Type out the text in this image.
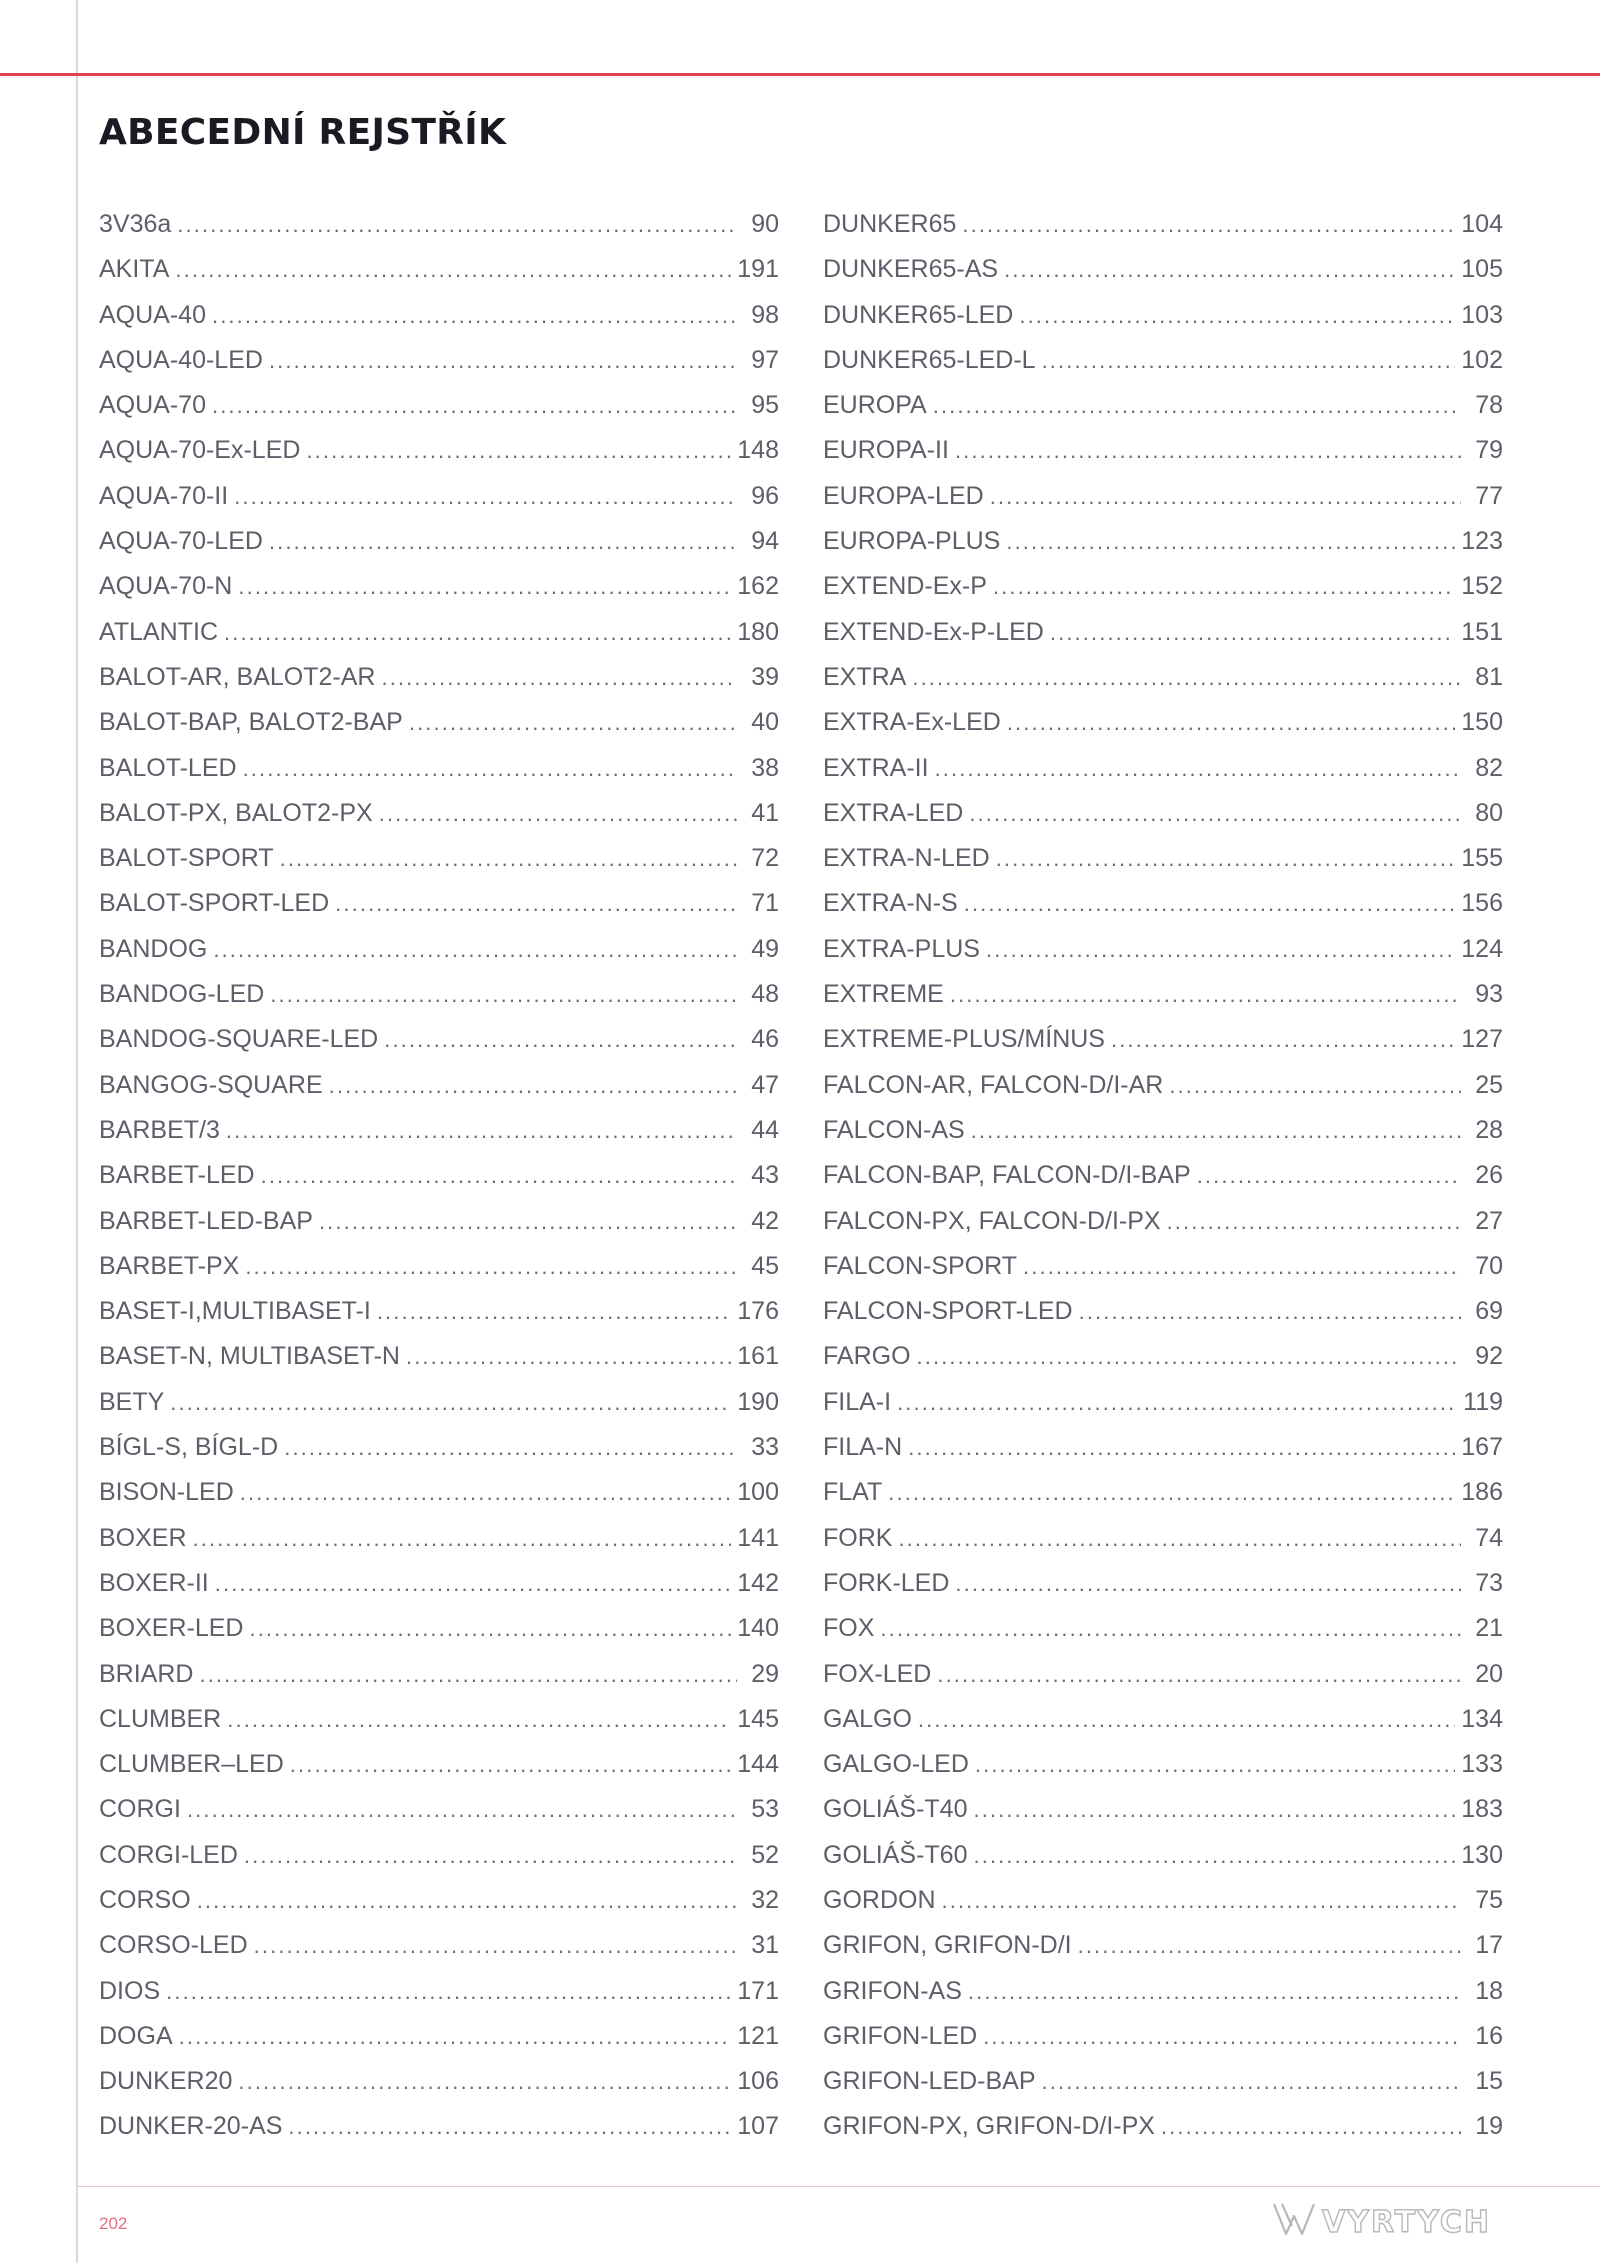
ABECEDNÍ REJSTŘÍK
3V36a . . .	90
AKITA . . .	191
AQUA-40 . . .	98
AQUA-40-LED . . .	97
AQUA-70 . . .	95
AQUA-70-Ex-LED . . .	148
AQUA-70-II . . .	96
AQUA-70-LED . . .	94
AQUA-70-N . . .	162
ATLANTIC . . .	180
BALOT-AR, BALOT2-AR . . .	39
BALOT-BAP, BALOT2-BAP . . .	40
BALOT-LED . . .	38
BALOT-PX, BALOT2-PX . . .	41
BALOT-SPORT . . .	72
BALOT-SPORT-LED . . .	71
BANDOG . . .	49
BANDOG-LED . . .	48
BANDOG-SQUARE-LED . . .	46
BANGOG-SQUARE . . .	47
BARBET/3 . . .	44
BARBET-LED . . .	43
BARBET-LED-BAP . . .	42
BARBET-PX . . .	45
BASET-I,MULTIBASET-I . . .	176
BASET-N, MULTIBASET-N . . .	161
BETY . . .	190
BÍGL-S, BÍGL-D . . .	33
BISON-LED . . .	100
BOXER . . .	141
BOXER-II . . .	142
BOXER-LED . . .	140
BRIARD . . .	29
CLUMBER . . .	145
CLUMBER–LED . . .	144
CORGI . . .	53
CORGI-LED . . .	52
CORSO . . .	32
CORSO-LED . . .	31
DIOS . . .	171
DOGA . . .	121
DUNKER20 . . .	106
DUNKER-20-AS . . .	107
DUNKER65 . . .	104
DUNKER65-AS . . .	105
DUNKER65-LED . . .	103
DUNKER65-LED-L . . .	102
EUROPA . . .	78
EUROPA-II . . .	79
EUROPA-LED . . .	77
EUROPA-PLUS . . .	123
EXTEND-Ex-P . . .	152
EXTEND-Ex-P-LED . . .	151
EXTRA . . .	81
EXTRA-Ex-LED . . .	150
EXTRA-II . . .	82
EXTRA-LED . . .	80
EXTRA-N-LED . . .	155
EXTRA-N-S . . .	156
EXTRA-PLUS . . .	124
EXTREME . . .	93
EXTREME-PLUS/MÍNUS . . .	127
FALCON-AR, FALCON-D/I-AR . . .	25
FALCON-AS . . .	28
FALCON-BAP, FALCON-D/I-BAP . . .	26
FALCON-PX, FALCON-D/I-PX . . .	27
FALCON-SPORT . . .	70
FALCON-SPORT-LED . . .	69
FARGO . . .	92
FILA-I . . .	119
FILA-N . . .	167
FLAT . . .	186
FORK . . .	74
FORK-LED . . .	73
FOX . . .	21
FOX-LED . . .	20
GALGO . . .	134
GALGO-LED . . .	133
GOLIÁŠ-T40 . . .	183
GOLIÁŠ-T60 . . .	130
GORDON . . .	75
GRIFON, GRIFON-D/I . . .	17
GRIFON-AS . . .	18
GRIFON-LED . . .	16
GRIFON-LED-BAP . . .	15
GRIFON-PX, GRIFON-D/I-PX . . .	19
202	VYRTYCH
